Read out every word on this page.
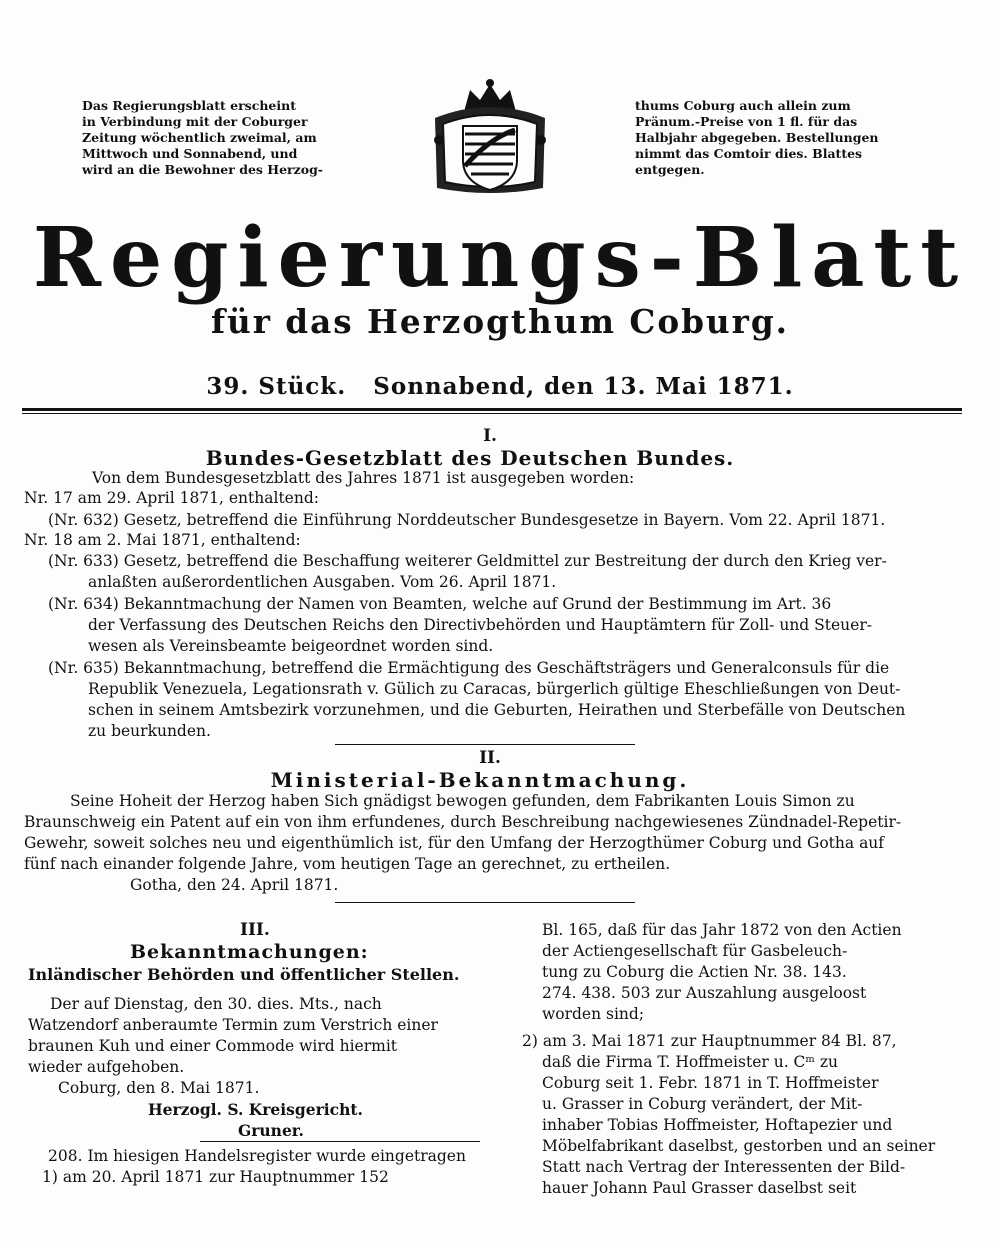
Das Regierungsblatt erscheint
in Verbindung mit der Coburger
Zeitung wöchentlich zweimal, am
Mittwoch und Sonnabend, und
wird an die Bewohner des Herzog-
thums Coburg auch allein zum
Pränum.-Preise von 1 fl. für das
Halbjahr abgegeben. Bestellungen
nimmt das Comtoir dies. Blattes
entgegen.
Regierungs-Blatt
für das Herzogthum Coburg.
39. Stück.   Sonnabend, den 13. Mai 1871.
I.
Bundes-Gesetzblatt des Deutschen Bundes.
Von dem Bundesgesetzblatt des Jahres 1871 ist ausgegeben worden:
Nr. 17 am 29. April 1871, enthaltend:
(Nr. 632) Gesetz, betreffend die Einführung Norddeutscher Bundesgesetze in Bayern. Vom 22. April 1871.
Nr. 18 am 2. Mai 1871, enthaltend:
(Nr. 633) Gesetz, betreffend die Beschaffung weiterer Geldmittel zur Bestreitung der durch den Krieg ver-
anlaßten außerordentlichen Ausgaben. Vom 26. April 1871.
(Nr. 634) Bekanntmachung der Namen von Beamten, welche auf Grund der Bestimmung im Art. 36
der Verfassung des Deutschen Reichs den Directivbehörden und Hauptämtern für Zoll- und Steuer-
wesen als Vereinsbeamte beigeordnet worden sind.
(Nr. 635) Bekanntmachung, betreffend die Ermächtigung des Geschäftsträgers und Generalconsuls für die
Republik Venezuela, Legationsrath v. Gülich zu Caracas, bürgerlich gültige Eheschließungen von Deut-
schen in seinem Amtsbezirk vorzunehmen, und die Geburten, Heirathen und Sterbefälle von Deutschen
zu beurkunden.
II.
Ministerial-Bekanntmachung.
Seine Hoheit der Herzog haben Sich gnädigst bewogen gefunden, dem Fabrikanten Louis Simon zu
Braunschweig ein Patent auf ein von ihm erfundenes, durch Beschreibung nachgewiesenes Zündnadel-Repetir-
Gewehr, soweit solches neu und eigenthümlich ist, für den Umfang der Herzogthümer Coburg und Gotha auf
fünf nach einander folgende Jahre, vom heutigen Tage an gerechnet, zu ertheilen.
Gotha, den 24. April 1871.
III.
Bekanntmachungen:
Inländischer Behörden und öffentlicher Stellen.
Der auf Dienstag, den 30. dies. Mts., nach
Watzendorf anberaumte Termin zum Verstrich einer
braunen Kuh und einer Commode wird hiermit
wieder aufgehoben.
Coburg, den 8. Mai 1871.
Herzogl. S. Kreisgericht.
Gruner.
208. Im hiesigen Handelsregister wurde eingetragen
1) am 20. April 1871 zur Hauptnummer 152
Bl. 165, daß für das Jahr 1872 von den Actien
der Actiengesellschaft für Gasbeleuch-
tung zu Coburg die Actien Nr. 38. 143.
274. 438. 503 zur Auszahlung ausgeloost
worden sind;
2) am 3. Mai 1871 zur Hauptnummer 84 Bl. 87,
daß die Firma T. Hoffmeister u. Cᵐ zu
Coburg seit 1. Febr. 1871 in T. Hoffmeister
u. Grasser in Coburg verändert, der Mit-
inhaber Tobias Hoffmeister, Hoftapezier und
Möbelfabrikant daselbst, gestorben und an seiner
Statt nach Vertrag der Interessenten der Bild-
hauer Johann Paul Grasser daselbst seit
